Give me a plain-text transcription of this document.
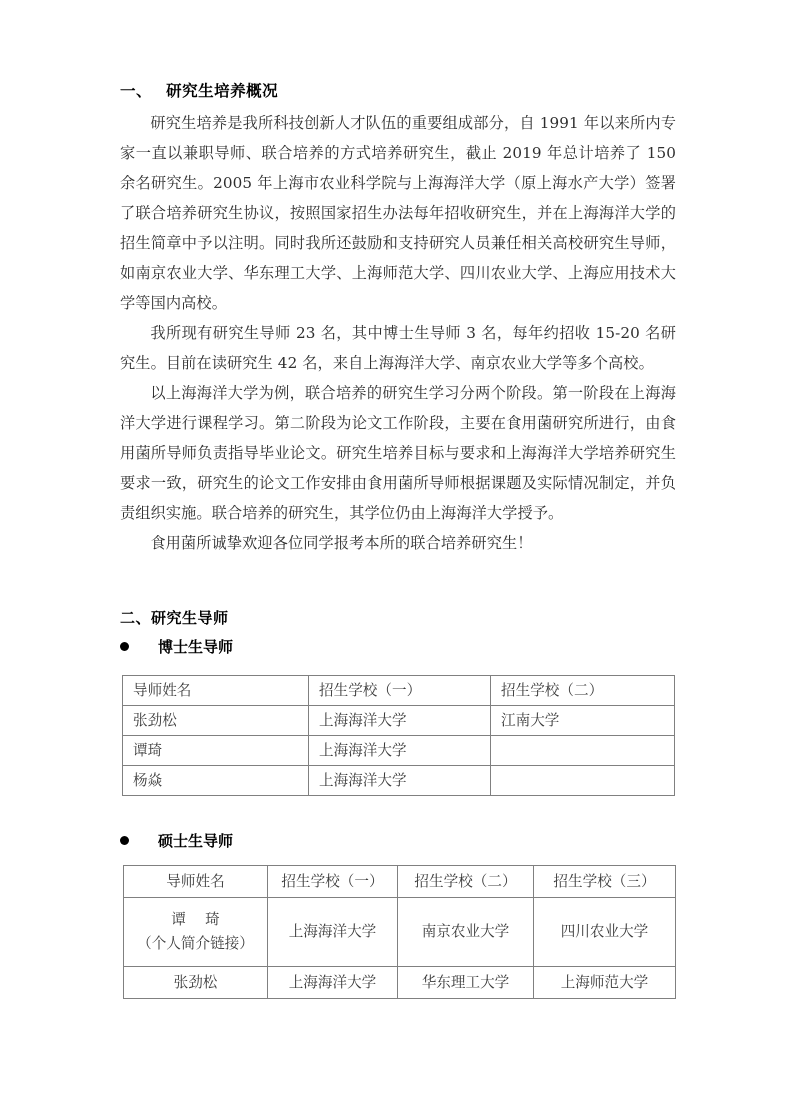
一、　 研究生培养概况

研究生培养是我所科技创新人才队伍的重要组成部分，自 1991 年以来所内专家一直以兼职导师、联合培养的方式培养研究生，截止 2019 年总计培养了 150 余名研究生。2005 年上海市农业科学院与上海海洋大学（原上海水产大学）签署了联合培养研究生协议，按照国家招生办法每年招收研究生，并在上海海洋大学的招生简章中予以注明。同时我所还鼓励和支持研究人员兼任相关高校研究生导师，如南京农业大学、华东理工大学、上海师范大学、四川农业大学、上海应用技术大学等国内高校。

我所现有研究生导师 23 名，其中博士生导师 3 名，每年约招收 15-20 名研究生。目前在读研究生 42 名，来自上海海洋大学、南京农业大学等多个高校。

以上海海洋大学为例，联合培养的研究生学习分两个阶段。第一阶段在上海海洋大学进行课程学习。第二阶段为论文工作阶段，主要在食用菌研究所进行，由食用菌所导师负责指导毕业论文。研究生培养目标与要求和上海海洋大学培养研究生要求一致，研究生的论文工作安排由食用菌所导师根据课题及实际情况制定，并负责组织实施。联合培养的研究生，其学位仍由上海海洋大学授予。

食用菌所诚挚欢迎各位同学报考本所的联合培养研究生！

二、研究生导师
博士生导师
导师姓名	招生学校（一）	招生学校（二）
张劲松	上海海洋大学	江南大学
谭琦	上海海洋大学	
杨焱	上海海洋大学	
硕士生导师
导师姓名	招生学校（一）	招生学校（二）	招生学校（三）

谭　 琦
（个人简介链接）	上海海洋大学	南京农业大学	四川农业大学
张劲松	上海海洋大学	华东理工大学	上海师范大学
